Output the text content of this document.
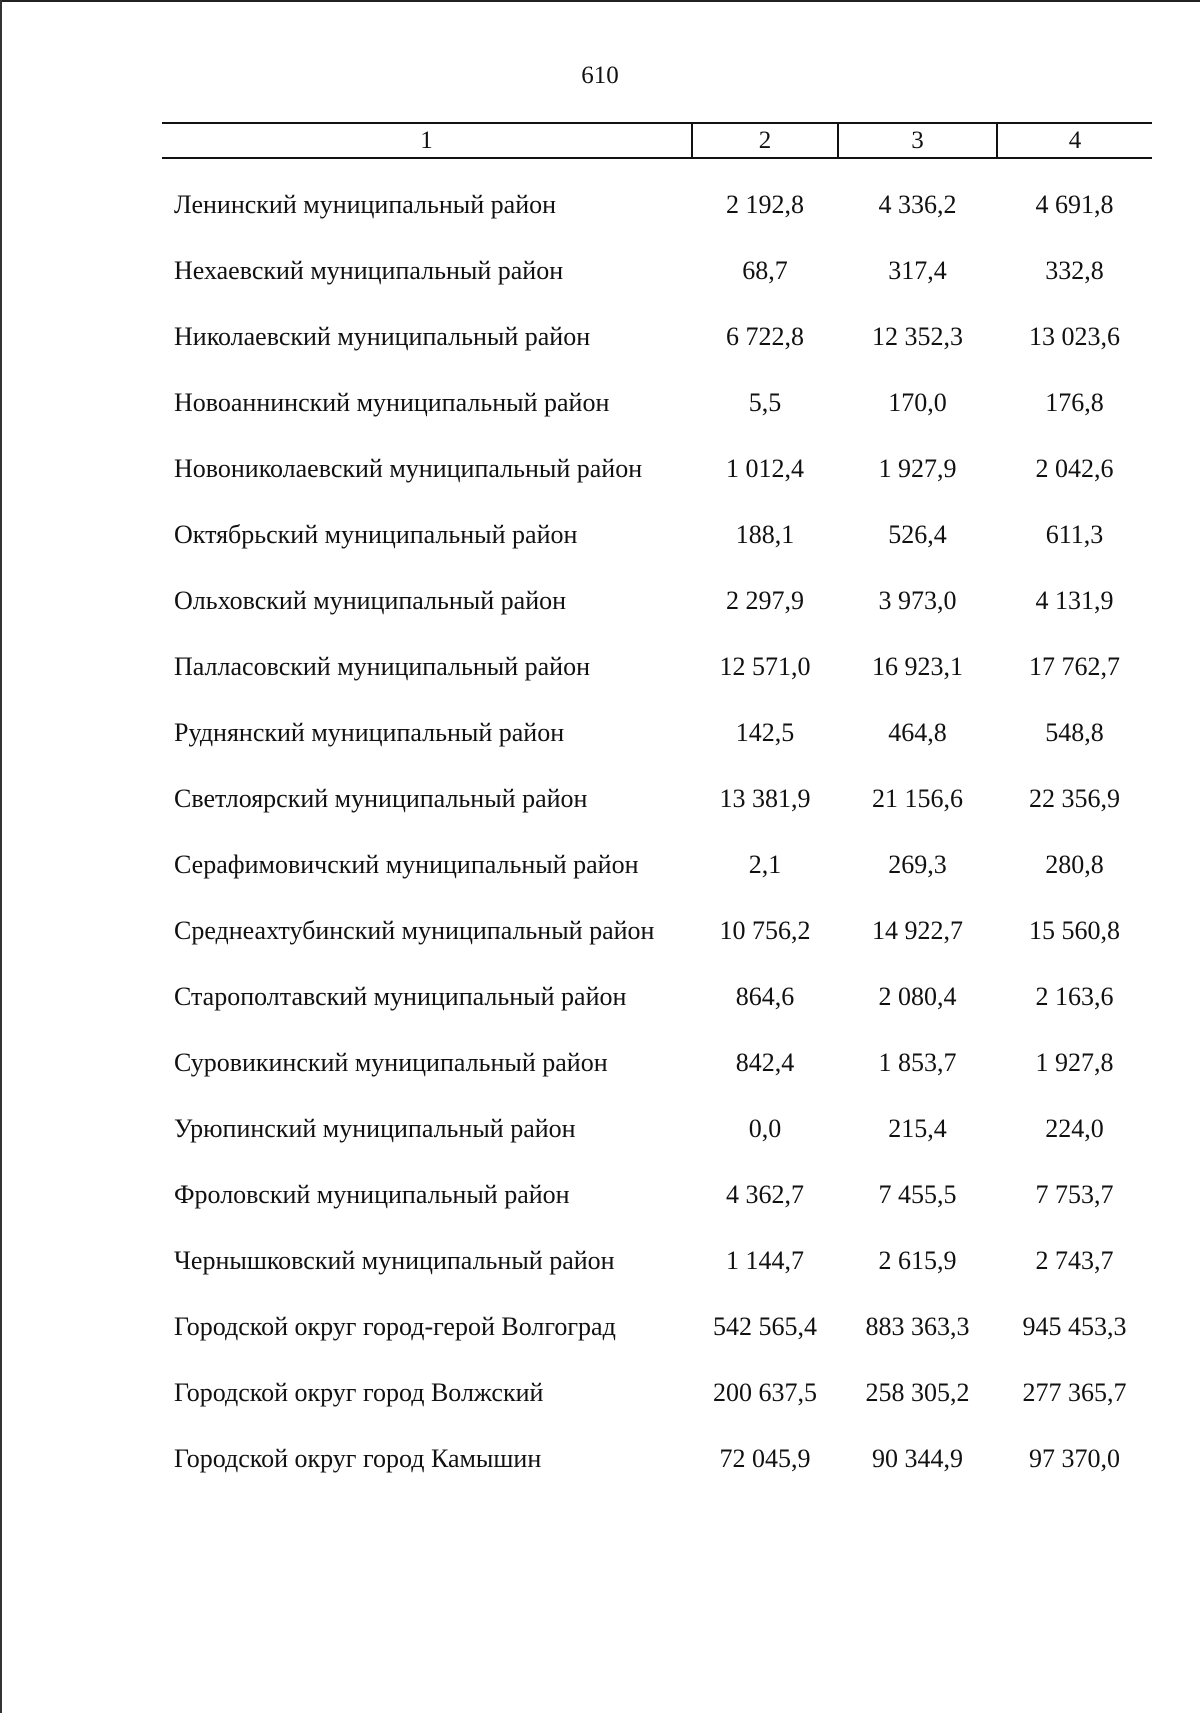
610
1	2	3	4

Ленинский муниципальный район	2 192,8	4 336,2	4 691,8
Нехаевский муниципальный район	68,7	317,4	332,8
Николаевский муниципальный район	6 722,8	12 352,3	13 023,6
Новоаннинский муниципальный район	5,5	170,0	176,8
Новониколаевский муниципальный район	1 012,4	1 927,9	2 042,6
Октябрьский муниципальный район	188,1	526,4	611,3
Ольховский муниципальный район	2 297,9	3 973,0	4 131,9
Палласовский муниципальный район	12 571,0	16 923,1	17 762,7
Руднянский муниципальный район	142,5	464,8	548,8
Светлоярский муниципальный район	13 381,9	21 156,6	22 356,9
Серафимовичский муниципальный район	2,1	269,3	280,8
Среднеахтубинский муниципальный район	10 756,2	14 922,7	15 560,8
Старополтавский муниципальный район	864,6	2 080,4	2 163,6
Суровикинский муниципальный район	842,4	1 853,7	1 927,8
Урюпинский муниципальный район	0,0	215,4	224,0
Фроловский муниципальный район	4 362,7	7 455,5	7 753,7
Чернышковский муниципальный район	1 144,7	2 615,9	2 743,7
Городской округ город-герой Волгоград	542 565,4	883 363,3	945 453,3
Городской округ город Волжский	200 637,5	258 305,2	277 365,7
Городской округ город Камышин	72 045,9	90 344,9	97 370,0
